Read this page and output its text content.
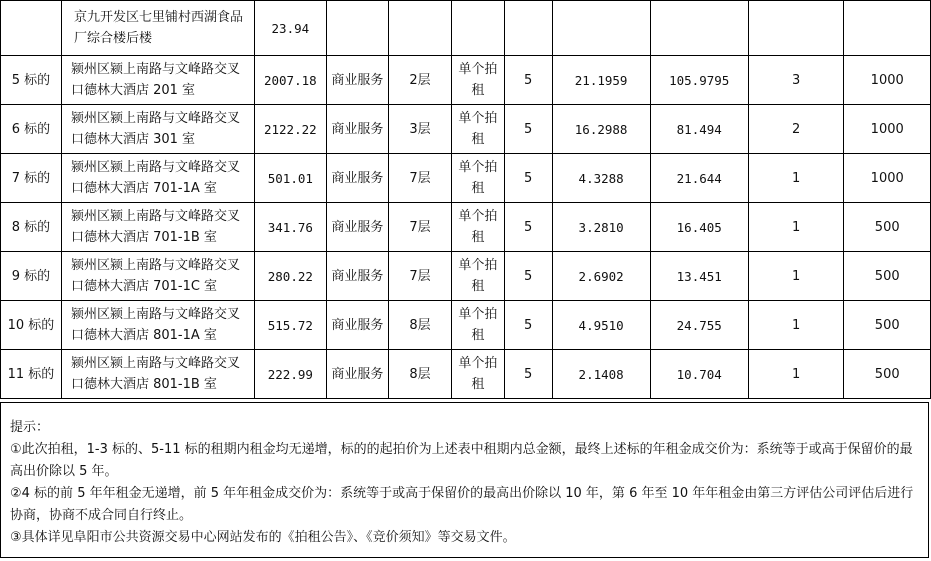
	京九开发区七里铺村西湖食品厂综合楼后楼	23.94								
5 标的	颍州区颍上南路与文峰路交叉口德林大酒店 201 室	2007.18	商业服务	2层	单个拍租	5	21.1959	105.9795	3	1000
6 标的	颍州区颍上南路与文峰路交叉口德林大酒店 301 室	2122.22	商业服务	3层	单个拍租	5	16.2988	81.494	2	1000
7 标的	颍州区颍上南路与文峰路交叉口德林大酒店 701-1A 室	501.01	商业服务	7层	单个拍租	5	4.3288	21.644	1	1000
8 标的	颍州区颍上南路与文峰路交叉口德林大酒店 701-1B 室	341.76	商业服务	7层	单个拍租	5	3.2810	16.405	1	500
9 标的	颍州区颍上南路与文峰路交叉口德林大酒店 701-1C 室	280.22	商业服务	7层	单个拍租	5	2.6902	13.451	1	500
10 标的	颍州区颍上南路与文峰路交叉口德林大酒店 801-1A 室	515.72	商业服务	8层	单个拍租	5	4.9510	24.755	1	500
11 标的	颍州区颍上南路与文峰路交叉口德林大酒店 801-1B 室	222.99	商业服务	8层	单个拍租	5	2.1408	10.704	1	500
提示：
①此次拍租，1-3 标的、5-11 标的租期内租金均无递增，标的的起拍价为上述表中租期内总金额，最终上述标的年租金成交价为：系统等于或高于保留价的最高出价除以 5 年。
②4 标的前 5 年年租金无递增，前 5 年年租金成交价为：系统等于或高于保留价的最高出价除以 10 年，第 6 年至 10 年年租金由第三方评估公司评估后进行协商，协商不成合同自行终止。
③具体详见阜阳市公共资源交易中心网站发布的《拍租公告》、《竞价须知》等交易文件。
